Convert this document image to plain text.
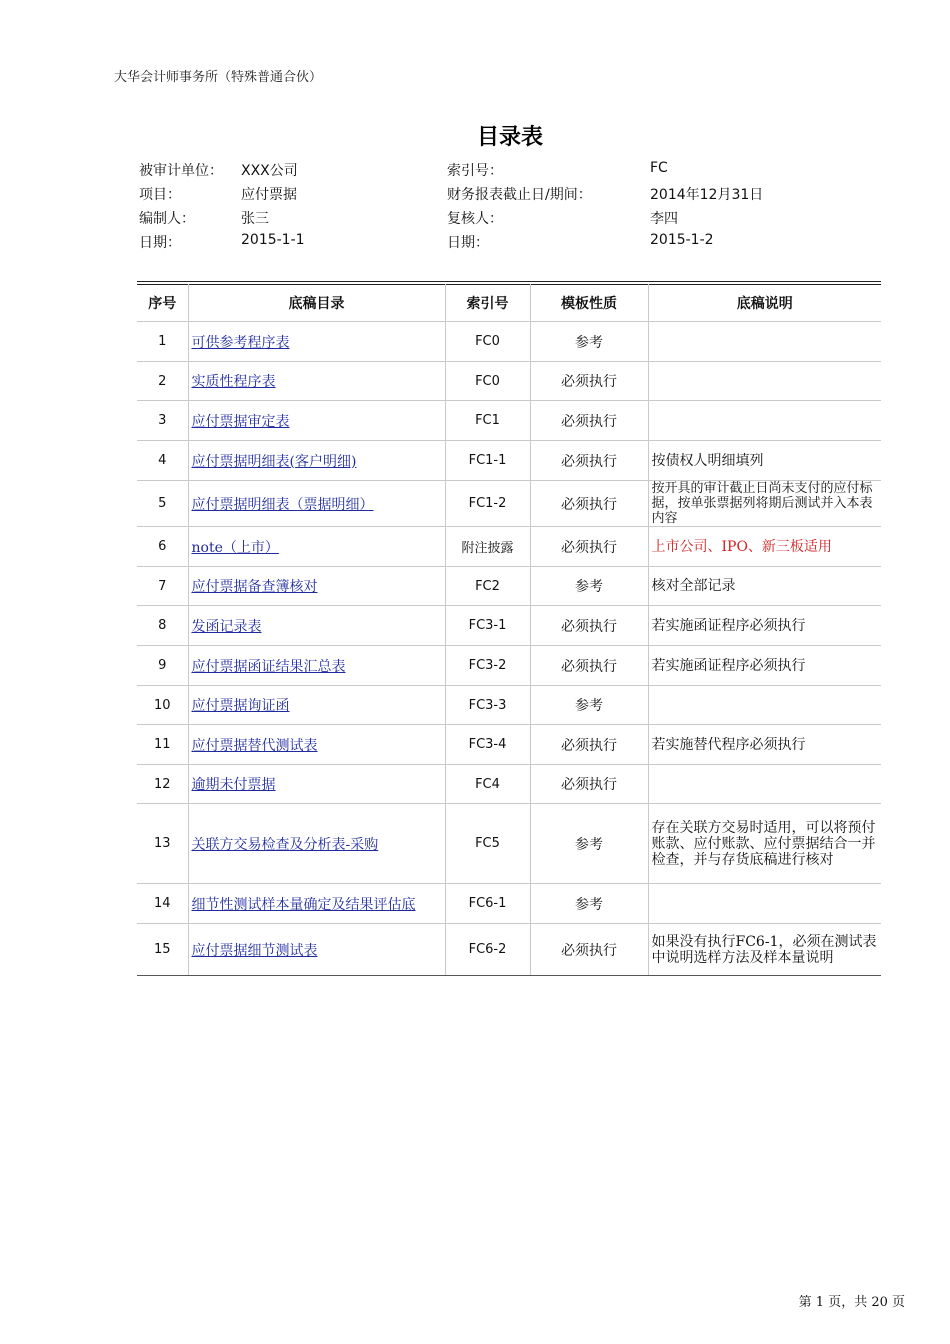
大华会计师事务所（特殊普通合伙）
目录表
被审计单位： XXX公司	索引号：	FC
项目：	应付票据	财务报表截止日/期间：	2014年12月31日
编制人：	张三	复核人：	李四
日期：	2015-1-1	日期：	2015-1-2
序号	底稿目录	索引号	模板性质	底稿说明
1	可供参考程序表	FC0	参考	
2	实质性程序表	FC0	必须执行	
3	应付票据审定表	FC1	必须执行	
4	应付票据明细表(客户明细)	FC1-1	必须执行	按债权人明细填列
5	应付票据明细表（票据明细）	FC1-2	必须执行	按开具的审计截止日尚未支付的应付标据，按单张票据列将期后测试并入本表内容
6	note（上市）	附注披露	必须执行	上市公司、IPO、新三板适用
7	应付票据备查簿核对	FC2	参考	核对全部记录
8	发函记录表	FC3-1	必须执行	若实施函证程序必须执行
9	应付票据函证结果汇总表	FC3-2	必须执行	若实施函证程序必须执行
10	应付票据询证函	FC3-3	参考	
11	应付票据替代测试表	FC3-4	必须执行	若实施替代程序必须执行
12	逾期未付票据	FC4	必须执行	
13	关联方交易检查及分析表-采购	FC5	参考	存在关联方交易时适用，可以将预付账款、应付账款、应付票据结合一并检查，并与存货底稿进行核对
14	细节性测试样本量确定及结果评估底	FC6-1	参考	
15	应付票据细节测试表	FC6-2	必须执行	如果没有执行FC6-1，必须在测试表中说明选样方法及样本量说明
第 1 页，共 20 页
